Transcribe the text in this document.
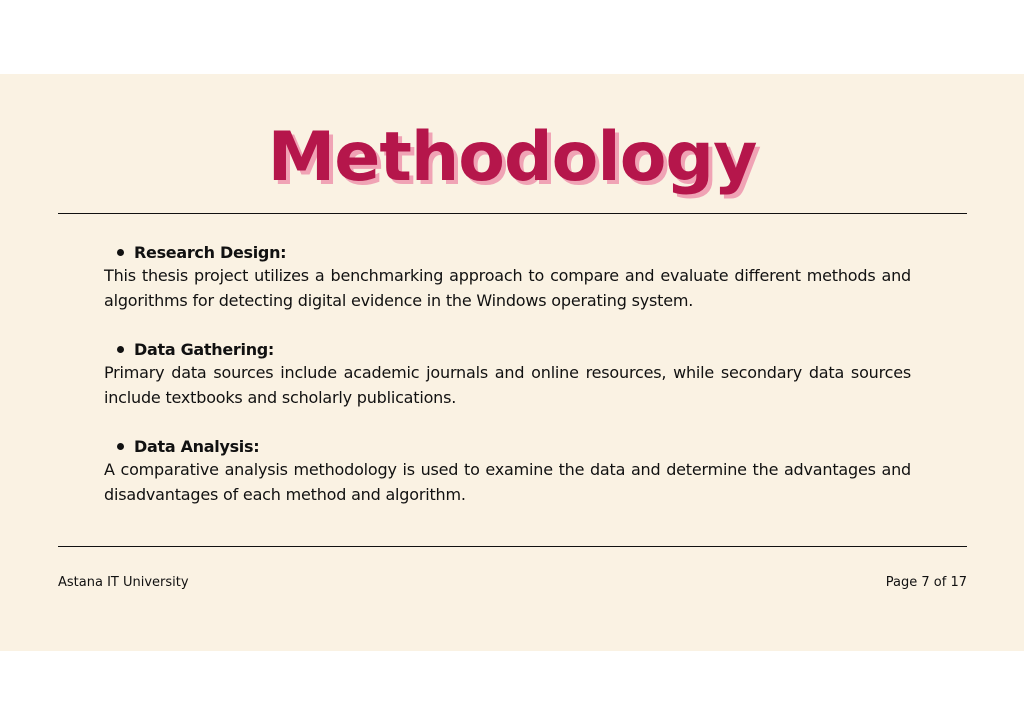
Methodology
Research Design:
This thesis project utilizes a benchmarking approach to compare and evaluate different methods and algorithms for detecting digital evidence in the Windows operating system.
Data Gathering:
Primary data sources include academic journals and online resources, while secondary data sources include textbooks and scholarly publications.
Data Analysis:
A comparative analysis methodology is used to examine the data and determine the advantages and disadvantages of each method and algorithm.
Astana IT University	Page 7 of 17
